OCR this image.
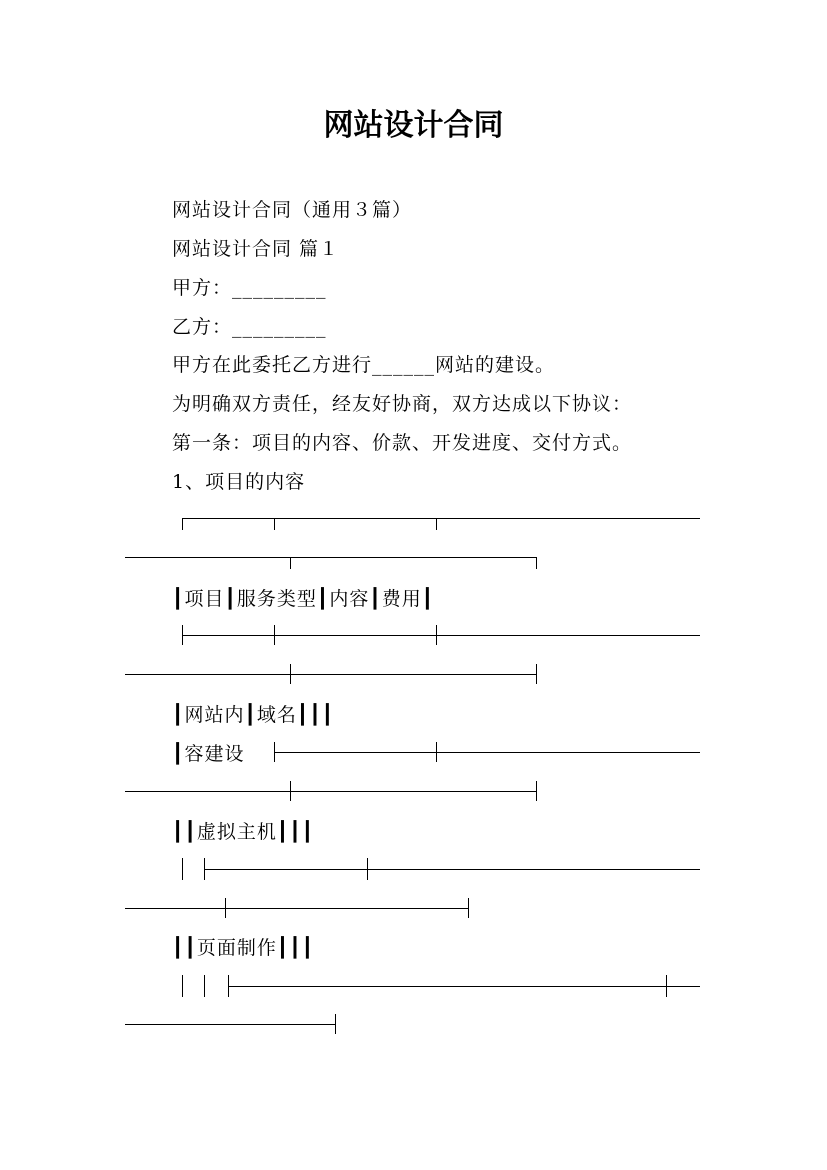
网站设计合同
网站设计合同（通用３篇）
网站设计合同 篇１
甲方：_________
乙方：_________
甲方在此委托乙方进行______网站的建设。
为明确双方责任，经友好协商，双方达成以下协议：
第一条：项目的内容、价款、开发进度、交付方式。
1、项目的内容
┃项目┃服务类型┃内容┃费用┃
┃网站内┃域名┃┃┃
┃容建设
┃┃虚拟主机┃┃┃
┃┃页面制作┃┃┃
